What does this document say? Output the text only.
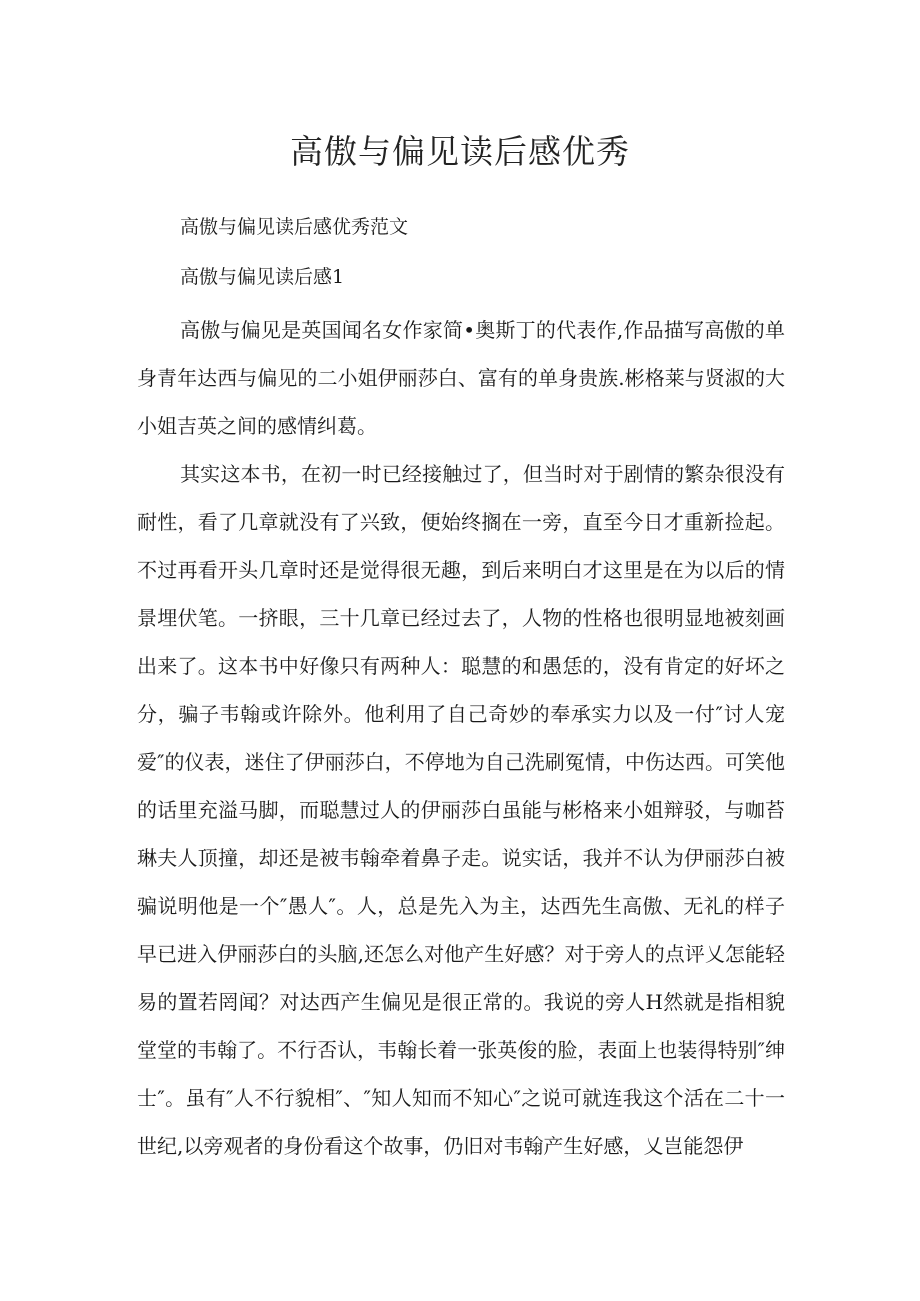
高傲与偏见读后感优秀

高傲与偏见读后感优秀范文

高傲与偏见读后感1

高傲与偏见是英国闻名女作家简•奥斯丁的代表作,作品描写高傲的单身青年达西与偏见的二小姐伊丽莎白、富有的单身贵族.彬格莱与贤淑的大小姐吉英之间的感情纠葛。

其实这本书，在初一时已经接触过了，但当时对于剧情的繁杂很没有耐性，看了几章就没有了兴致，便始终搁在一旁，直至今日才重新捡起。不过再看开头几章时还是觉得很无趣，到后来明白才这里是在为以后的情景埋伏笔。一挤眼，三十几章已经过去了，人物的性格也很明显地被刻画出来了。这本书中好像只有两种人：聪慧的和愚恁的，没有肯定的好坏之分，骗子韦翰或许除外。他利用了自己奇妙的奉承实力以及一付″讨人宠爱″的仪表，迷住了伊丽莎白，不停地为自己洗刷冤情，中伤达西。可笑他的话里充溢马脚，而聪慧过人的伊丽莎白虽能与彬格来小姐辩驳，与咖苔琳夫人顶撞，却还是被韦翰牵着鼻子走。说实话，我并不认为伊丽莎白被骗说明他是一个″愚人″。人，总是先入为主，达西先生高傲、无礼的样子早已进入伊丽莎白的头脑,还怎么对他产生好感？对于旁人的点评乂怎能轻易的置若罔闻？对达西产生偏见是很正常的。我说的旁人H然就是指相貌堂堂的韦翰了。不行否认，韦翰长着一张英俊的脸，表面上也装得特别″绅士″。虽有″人不行貌相″、″知人知而不知心″之说可就连我这个活在二十一世纪,以旁观者的身份看这个故事，仍旧对韦翰产生好感，乂岂能怨伊
